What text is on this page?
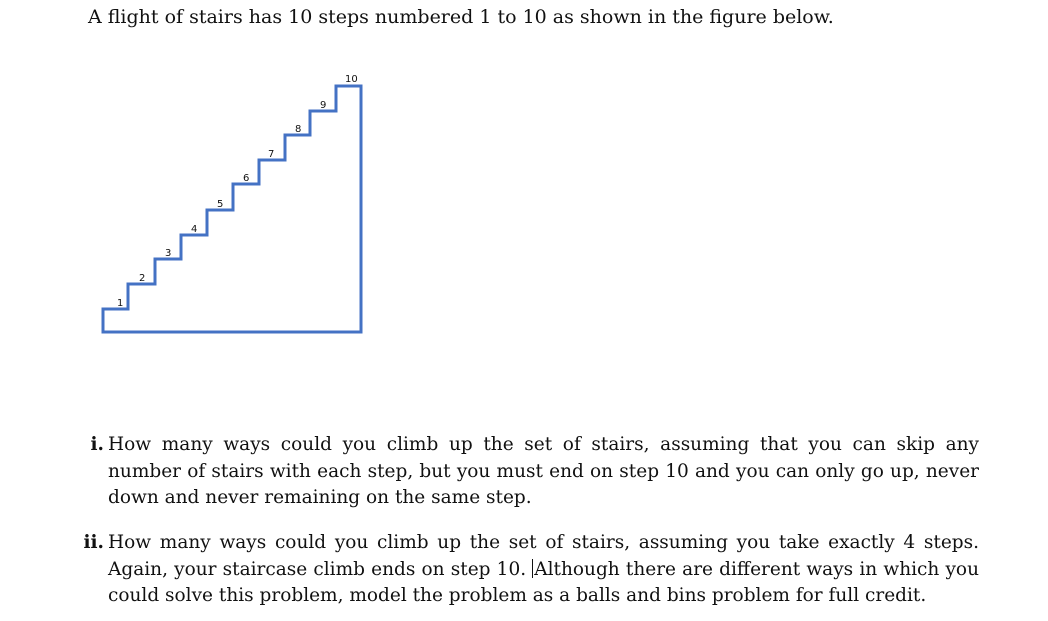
A flight of stairs has 10 steps numbered 1 to 10 as shown in the figure below.

1
2
3
4
5
6
7
8
9
10
i. How many ways could you climb up the set of stairs, assuming that you can skip any number of stairs with each step, but you must end on step 10 and you can only go up, never down and never remaining on the same step.
ii. How many ways could you climb up the set of stairs, assuming you take exactly 4 steps. Again, your staircase climb ends on step 10. Although there are different ways in which you could solve this problem, model the problem as a balls and bins problem for full credit.
